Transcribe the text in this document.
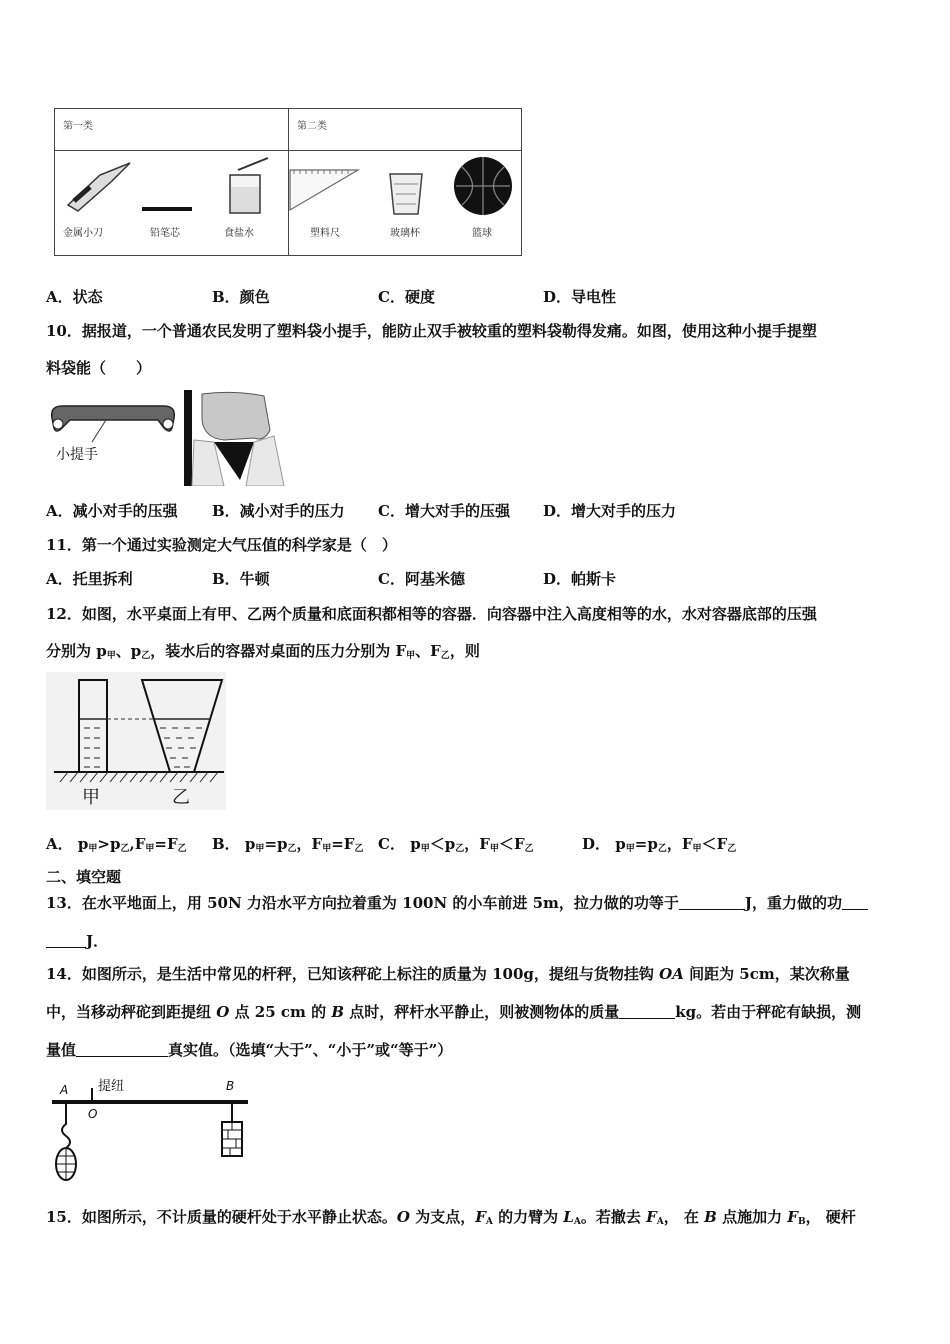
第一类	第二类

金属小刀	铅笔芯	食盐水	塑料尺	玻璃杯	篮球
A．状态	B．颜色	C．硬度	D．导电性
10．据报道，一个普通农民发明了塑料袋小提手，能防止双手被较重的塑料袋勒得发痛。如图，使用这种小提手提塑
料袋能（　　）
小提手
A．减小对手的压强 B．减小对手的压力 C．增大对手的压强 D．增大对手的压力
11．第一个通过实验测定大气压值的科学家是（　）
A．托里拆利	B．牛顿	C．阿基米德	D．帕斯卡
12．如图，水平桌面上有甲、乙两个质量和底面积都相等的容器．向容器中注入高度相等的水，水对容器底部的压强
分别为 $p_甲$、$p_乙$，装水后的容器对桌面的压力分别为 $F_甲$、$F_乙$，则
甲	乙
A． $p_甲>p_乙,F_甲=F_乙$ B． $p_甲=p_乙$，$F_甲=F_乙$ C． $p_甲<p_乙$，$F_甲<F_乙$	D． $p_甲=p_乙$，$F_甲<F_乙$
二、填空题
13．在水平地面上，用 50N 力沿水平方向拉着重为 100N 的小车前进 5m，拉力做的功等于	J，重力做的功
J．
14．如图所示，是生活中常见的杆秤，已知该秤砣上标注的质量为 100g，提纽与货物挂钩 OA 间距为 5cm，某次称量
中，当移动秤砣到距提纽 O 点 25 cm 的 B 点时，秤杆水平静止，则被测物体的质量	kg。若由于秤砣有缺损，测
量值	真实值。（选填“大于”、“小于”或“等于”）
A 提纽
O
B
15．如图所示，不计质量的硬杆处于水平静止状态。O 为支点，$F_A$ 的力臂为 $L_A$。若撤去 $F_A$， 在 B 点施加力 $F_B$， 硬杆
